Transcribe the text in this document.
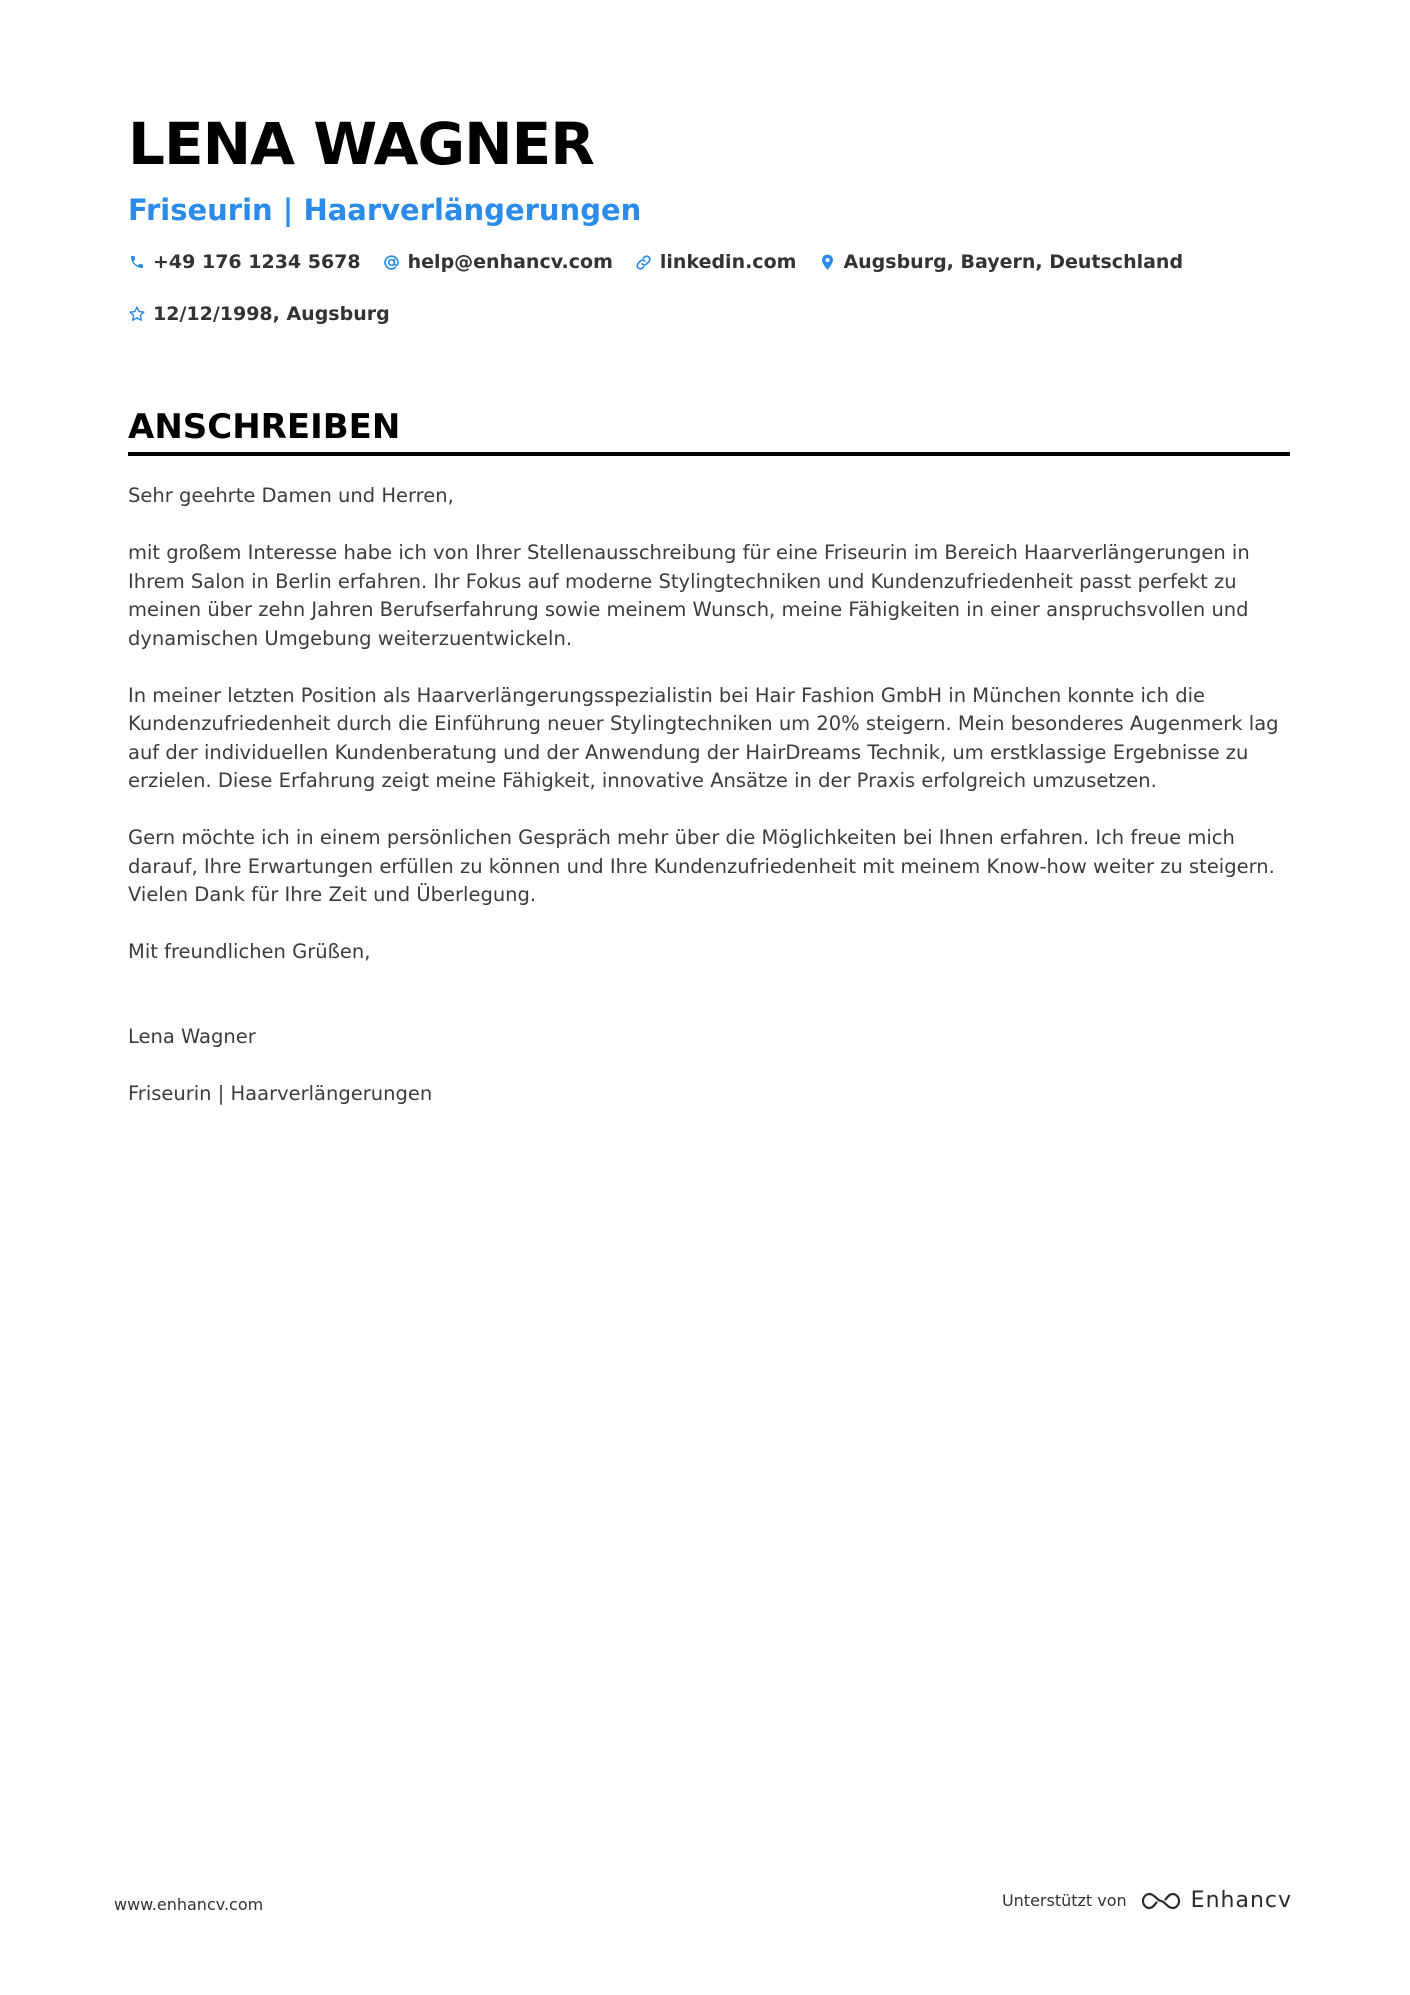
LENA WAGNER
Friseurin | Haarverlängerungen
+49 176 1234 5678 help@enhancv.com linkedin.com Augsburg, Bayern, Deutschland
12/12/1998, Augsburg
ANSCHREIBEN

Sehr geehrte Damen und Herren,

mit großem Interesse habe ich von Ihrer Stellenausschreibung für eine Friseurin im Bereich Haarverlängerungen in Ihrem Salon in Berlin erfahren. Ihr Fokus auf moderne Stylingtechniken und Kundenzufriedenheit passt perfekt zu meinen über zehn Jahren Berufserfahrung sowie meinem Wunsch, meine Fähigkeiten in einer anspruchsvollen und dynamischen Umgebung weiterzuentwickeln.

In meiner letzten Position als Haarverlängerungsspezialistin bei Hair Fashion GmbH in München konnte ich die Kundenzufriedenheit durch die Einführung neuer Stylingtechniken um 20% steigern. Mein besonderes Augenmerk lag auf der individuellen Kundenberatung und der Anwendung der HairDreams Technik, um erstklassige Ergebnisse zu erzielen. Diese Erfahrung zeigt meine Fähigkeit, innovative Ansätze in der Praxis erfolgreich umzusetzen.

Gern möchte ich in einem persönlichen Gespräch mehr über die Möglichkeiten bei Ihnen erfahren. Ich freue mich darauf, Ihre Erwartungen erfüllen zu können und Ihre Kundenzufriedenheit mit meinem Know-how weiter zu steigern. Vielen Dank für Ihre Zeit und Überlegung.

Mit freundlichen Grüßen,

Lena Wagner

Friseurin | Haarverlängerungen

www.enhancv.com	Unterstützt von	Enhancv
